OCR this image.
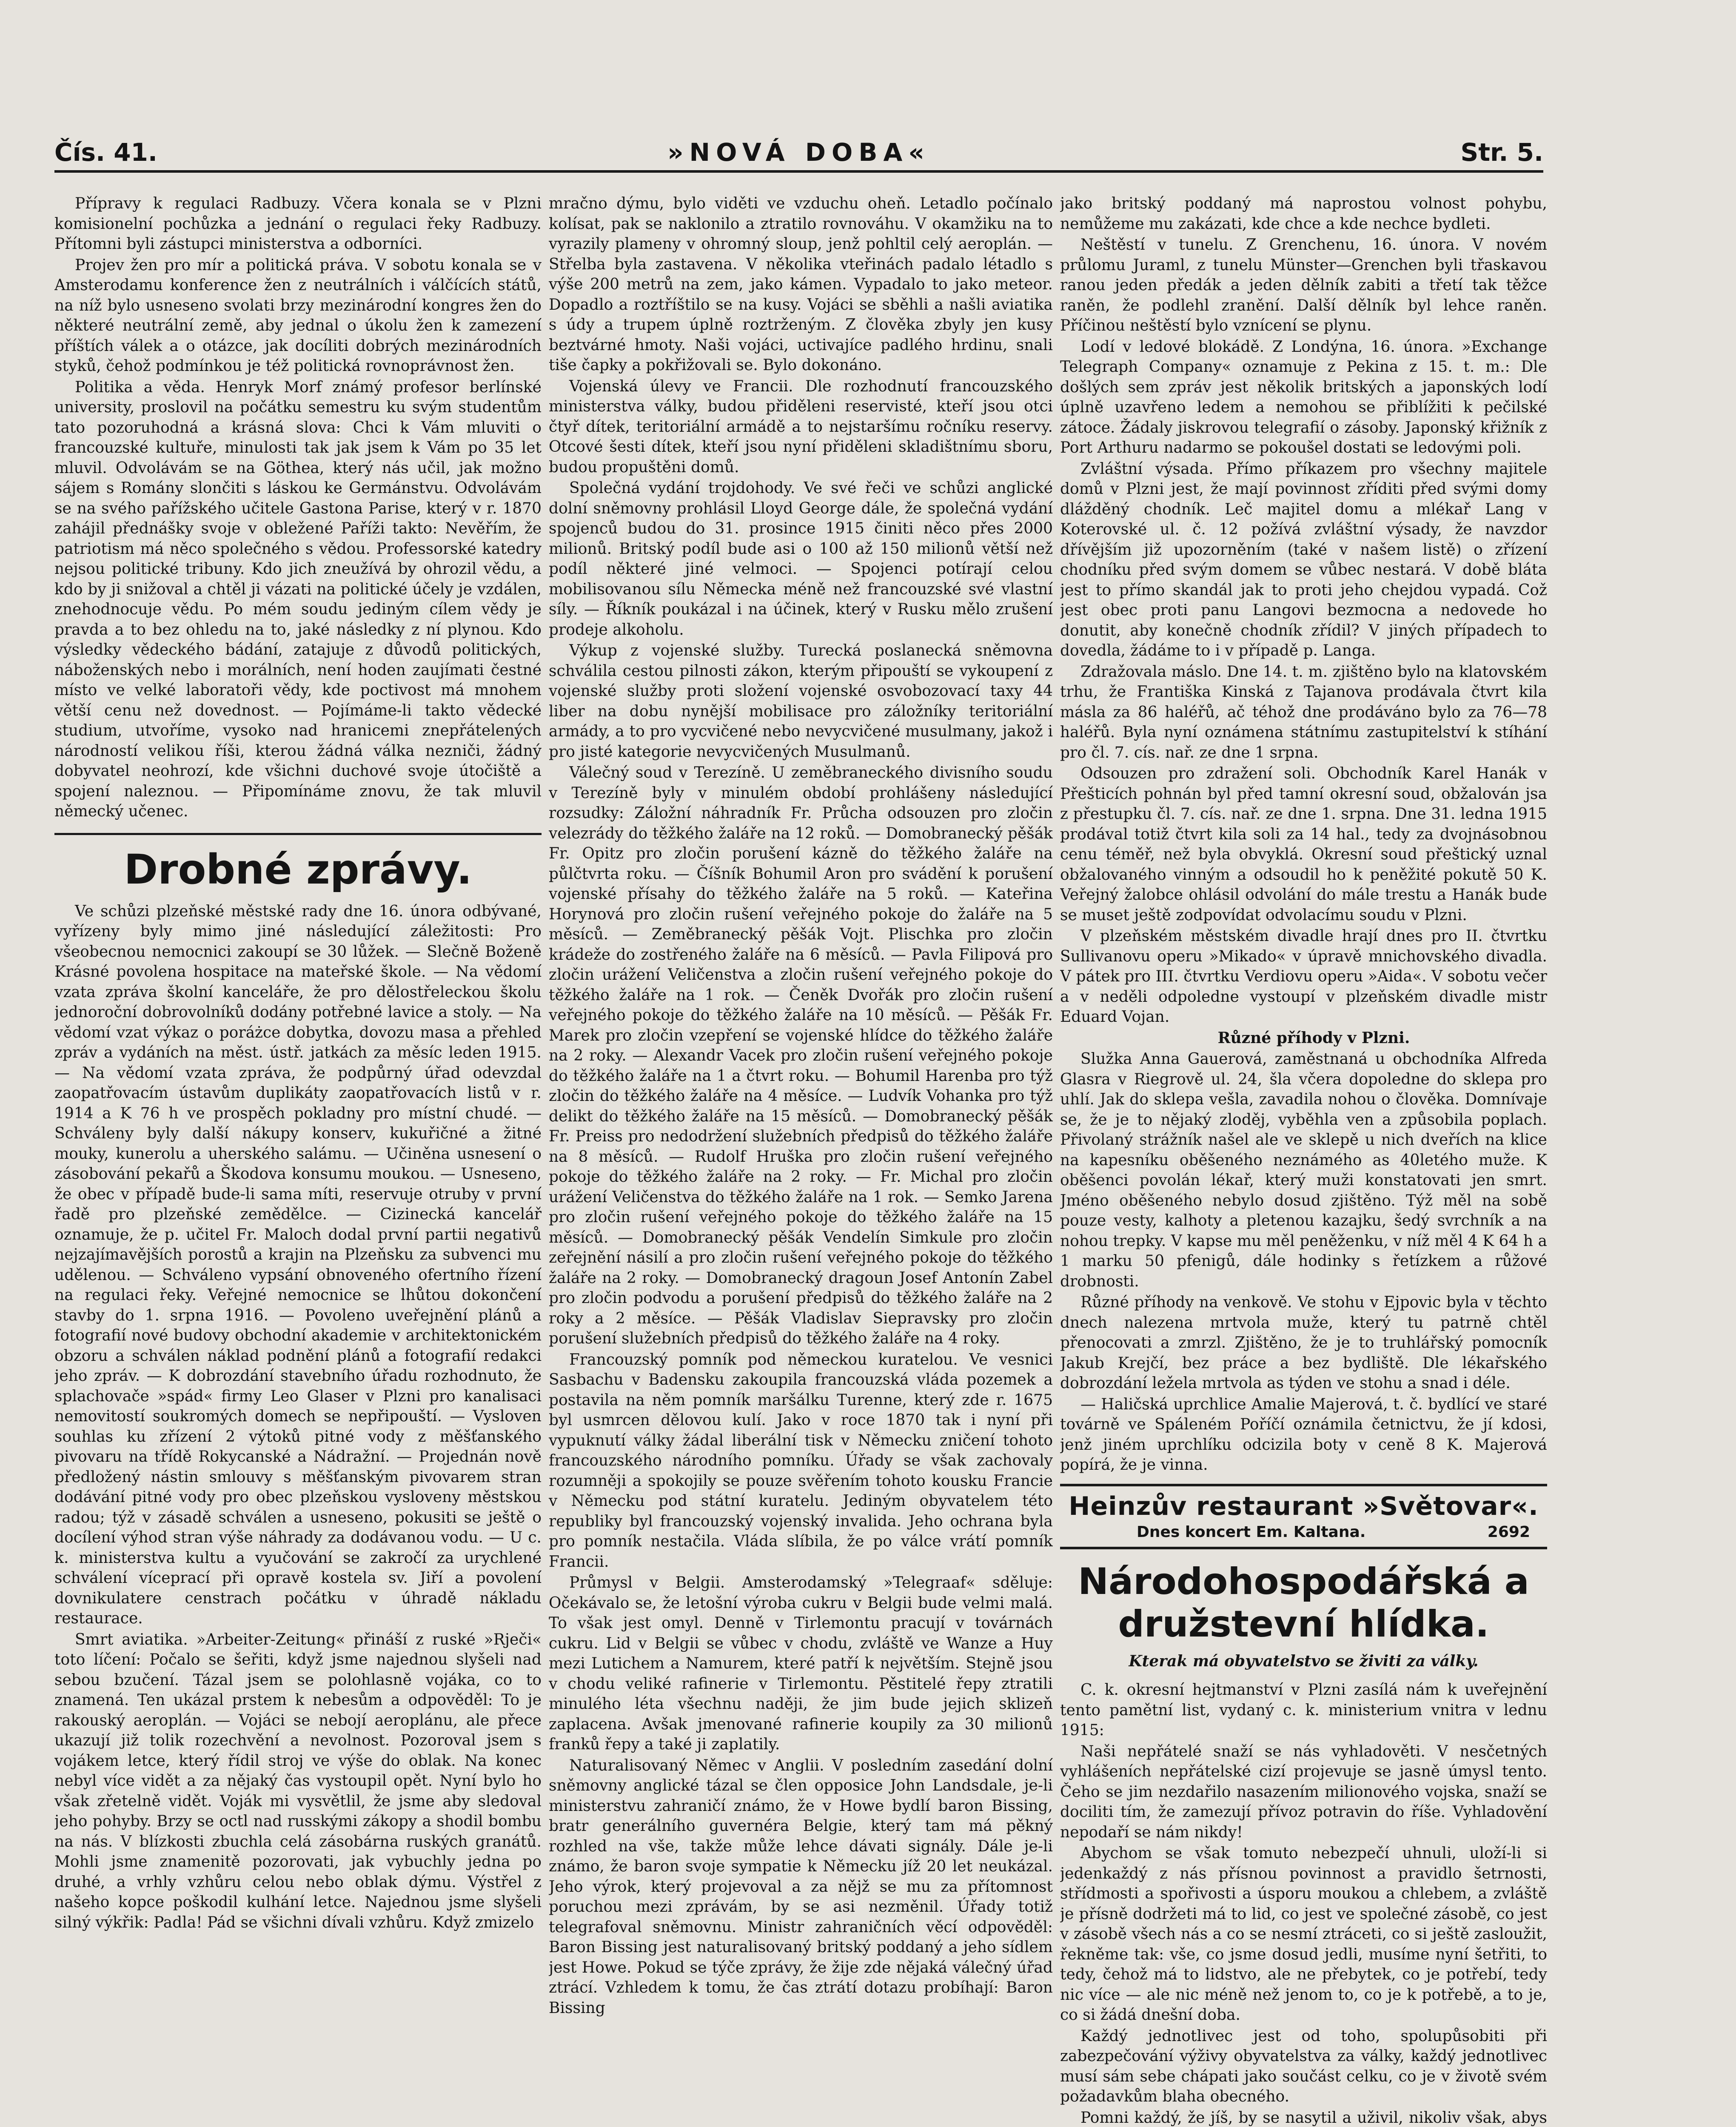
Čís. 41.	»NOVÁ DOBA«	Str. 5.

Přípravy k regulaci Radbuzy. Včera konala se v Plzni komisionelní pochůzka a jednání o regulaci řeky Radbuzy. Přítomni byli zástupci ministerstva a odborníci.

Projev žen pro mír a politická práva. V sobotu konala se v Amsterodamu konference žen z neutrálních i válčících států, na níž bylo usneseno svolati brzy mezinárodní kongres žen do některé neutrální země, aby jednal o úkolu žen k zamezení příštích válek a o otázce, jak docíliti dobrých mezinárodních styků, čehož podmínkou je též politická rovnoprávnost žen.

Politika a věda. Henryk Morf známý profesor berlínské university, proslovil na počátku semestru ku svým studentům tato pozoruhodná a krásná slova: Chci k Vám mluviti o francouzské kultuře, minulosti tak jak jsem k Vám po 35 let mluvil. Odvolávám se na Göthea, který nás učil, jak možno sájem s Romány slončiti s láskou ke Germánstvu. Odvolávám se na svého pařížského učitele Gastona Parise, který v r. 1870 zahájil přednášky svoje v obležené Paříži takto: Nevěřím, že patriotism má něco společného s vědou. Professorské katedry nejsou politické tribuny. Kdo jich zneužívá by ohrozil vědu, a kdo by ji snižoval a chtěl ji vázati na politické účely je vzdálen, znehodnocuje vědu. Po mém soudu jediným cílem vědy je pravda a to bez ohledu na to, jaké následky z ní plynou. Kdo výsledky vědeckého bádání, zatajuje z důvodů politických, náboženských nebo i morálních, není hoden zaujímati čestné místo ve velké laboratoři vědy, kde poctivost má mnohem větší cenu než dovednost. — Pojímáme-li takto vědecké studium, utvoříme, vysoko nad hranicemi znepřátelených národností velikou říši, kterou žádná válka nezniči, žádný dobyvatel neohrozí, kde všichni duchové svoje útočiště a spojení naleznou. — Připomínáme znovu, že tak mluvil německý učenec.

Drobné zprávy.

Ve schůzi plzeňské městské rady dne 16. února odbývané, vyřízeny byly mimo jiné následující záležitosti: Pro všeobecnou nemocnici zakoupí se 30 lůžek. — Slečně Boženě Krásné povolena hospitace na mateřské škole. — Na vědomí vzata zpráva školní kanceláře, že pro dělostřeleckou školu jednoroční dobrovolníků dodány potřebné lavice a stoly. — Na vědomí vzat výkaz o poráżce dobytka, dovozu masa a přehled zpráv a vydáních na měst. ústř. jatkách za měsíc leden 1915. — Na vědomí vzata zpráva, že podpůrný úřad odevzdal zaopatřovacím ústavům duplikáty zaopatřovacích listů v r. 1914 a K 76 h ve prospěch pokladny pro místní chudé. — Schváleny byly další nákupy konserv, kukuřičné a žitné mouky, kunerolu a uherského salámu. — Učiněna usnesení o zásobování pekařů a Škodova konsumu moukou. — Usneseno, že obec v případě bude-li sama míti, reservuje otruby v první řadě pro plzeňské zemědělce. — Cizinecká kancelář oznamuje, že p. učitel Fr. Maloch dodal první partii negativů nejzajímavějších porostů a krajin na Plzeňsku za subvenci mu udělenou. — Schváleno vypsání obnoveného ofertního řízení na regulaci řeky. Veřejné nemocnice se lhůtou dokončení stavby do 1. srpna 1916. — Povoleno uveřejnění plánů a fotografií nové budovy obchodní akademie v architektonickém obzoru a schválen náklad podnění plánů a fotografií redakci jeho zpráv. — K dobrozdání stavebního úřadu rozhodnuto, že splachovače »spád« firmy Leo Glaser v Plzni pro kanalisaci nemovitostí soukromých domech se nepřipouští. — Vysloven souhlas ku zřízení 2 výtoků pitné vody z měšťanského pivovaru na třídě Rokycanské a Nádražní. — Projednán nově předložený nástin smlouvy s měšťanským pivovarem stran dodávání pitné vody pro obec plzeňskou vysloveny městskou radou; týž v zásadě schválen a usneseno, pokusiti se ještě o docílení výhod stran výše náhrady za dodávanou vodu. — U c. k. ministerstva kultu a vyučování se zakročí za urychlené schválení víceprací při opravě kostela sv. Jiří a povolení dovnikulatere censtrach počátku v úhradě nákladu restaurace.

Smrt aviatika. »Arbeiter-Zeitung« přináší z ruské »Rječi« toto líčení: Počalo se šeřiti, když jsme najednou slyšeli nad sebou bzučení. Tázal jsem se polohlasně vojáka, co to znamená. Ten ukázal prstem k nebesům a odpověděl: To je rakouský aeroplán. — Vojáci se nebojí aeroplánu, ale přece ukazují již tolik rozechvění a nevolnost. Pozoroval jsem s vojákem letce, který řídil stroj ve výše do oblak. Na konec nebyl více vidět a za nějaký čas vystoupil opět. Nyní bylo ho však zřetelně vidět. Voják mi vysvětlil, že jsme aby sledoval jeho pohyby. Brzy se octl nad russkými zákopy a shodil bombu na nás. V blízkosti zbuchla celá zásobárna ruských granátů. Mohli jsme znamenitě pozorovati, jak vybuchly jedna po druhé, a vrhly vzhůru celou nebo oblak dýmu. Výstřel z našeho kopce poškodil kulhání letce. Najednou jsme slyšeli silný výkřik: Padla! Pád se všichni dívali vzhůru. Když zmizelo

mračno dýmu, bylo viděti ve vzduchu oheň. Letadlo počínalo kolísat, pak se naklonilo a ztratilo rovnováhu. V okamžiku na to vyrazily plameny v ohromný sloup, jenž pohltil celý aeroplán. — Střelba byla zastavena. V několika vteřinách padalo létadlo s výše 200 metrů na zem, jako kámen. Vypadalo to jako meteor. Dopadlo a roztříštilo se na kusy. Vojáci se sběhli a našli aviatika s údy a trupem úplně roztrženým. Z člověka zbyly jen kusy beztvárné hmoty. Naši vojáci, uctivajíce padlého hrdinu, snali tiše čapky a pokřižovali se. Bylo dokonáno.

Vojenská úlevy ve Francii. Dle rozhodnutí francouzského ministerstva války, budou přiděleni reservisté, kteří jsou otci čtyř dítek, teritoriální armádě a to nejstaršímu ročníku reservy. Otcové šesti dítek, kteří jsou nyní přiděleni skladištnímu sboru, budou propuštěni domů.

Společná vydání trojdohody. Ve své řeči ve schůzi anglické dolní sněmovny prohlásil Lloyd George dále, že společná vydání spojenců budou do 31. prosince 1915 činiti něco přes 2000 milionů. Britský podíl bude asi o 100 až 150 milionů větší než podíl některé jiné velmoci. — Spojenci potírají celou mobilisovanou sílu Německa méně než francouzské své vlastní síly. — Říkník poukázal i na účinek, který v Rusku mělo zrušení prodeje alkoholu.

Výkup z vojenské služby. Turecká poslanecká sněmovna schválila cestou pilnosti zákon, kterým připouští se vykoupení z vojenské služby proti složení vojenské osvobozovací taxy 44 liber na dobu nynější mobilisace pro záložníky teritoriální armády, a to pro vycvičené nebo nevycvičené musulmany, jakož i pro jisté kategorie nevycvičených Musulmanů.

Válečný soud v Terezíně. U zeměbraneckého divisního soudu v Terezíně byly v minulém období prohlášeny následující rozsudky: Záložní náhradník Fr. Průcha odsouzen pro zločin velezrády do těžkého žaláře na 12 roků. — Domobranecký pěšák Fr. Opitz pro zločin porušení kázně do těžkého žaláře na půlčtvrta roku. — Číšník Bohumil Aron pro svádění k porušení vojenské přísahy do těžkého žaláře na 5 roků. — Kateřina Horynová pro zločin rušení veřejného pokoje do žaláře na 5 měsíců. — Zeměbranecký pěšák Vojt. Plischka pro zločin krádeže do zostřeného žaláře na 6 měsíců. — Pavla Filipová pro zločin urážení Veličenstva a zločin rušení veřejného pokoje do těžkého žaláře na 1 rok. — Čeněk Dvořák pro zločin rušení veřejného pokoje do těžkého žaláře na 10 měsíců. — Pěšák Fr. Marek pro zločin vzepření se vojenské hlídce do těžkého žaláře na 2 roky. — Alexandr Vacek pro zločin rušení veřejného pokoje do těžkého žaláře na 1 a čtvrt roku. — Bohumil Harenba pro týž zločin do těžkého žaláře na 4 měsíce. — Ludvík Vohanka pro týž delikt do těžkého žaláře na 15 měsíců. — Domobranecký pěšák Fr. Preiss pro nedodržení služebních předpisů do těžkého žaláře na 8 měsíců. — Rudolf Hruška pro zločin rušení veřejného pokoje do těžkého žaláře na 2 roky. — Fr. Michal pro zločin urážení Veličenstva do těžkého žaláře na 1 rok. — Semko Jarena pro zločin rušení veřejného pokoje do těžkého žaláře na 15 měsíců. — Domobranecký pěšák Vendelín Simkule pro zločin zeřejnění násilí a pro zločin rušení veřejného pokoje do těžkého žaláře na 2 roky. — Domobranecký dragoun Josef Antonín Zabel pro zločin podvodu a porušení předpisů do těžkého žaláře na 2 roky a 2 měsíce. — Pěšák Vladislav Siepravsky pro zločin porušení služebních předpisů do těžkého žaláře na 4 roky.

Francouzský pomník pod německou kuratelou. Ve vesnici Sasbachu v Badensku zakoupila francouzská vláda pozemek a postavila na něm pomník maršálku Turenne, který zde r. 1675 byl usmrcen dělovou kulí. Jako v roce 1870 tak i nyní při vypuknutí války žádal liberální tisk v Německu zničení tohoto francouzského národního pomníku. Úřady se však zachovaly rozumněji a spokojily se pouze svěřením tohoto kousku Francie v Německu pod státní kuratelu. Jediným obyvatelem této republiky byl francouzský vojenský invalida. Jeho ochrana byla pro pomník nestačila. Vláda slíbila, že po válce vrátí pomník Francii.

Průmysl v Belgii. Amsterodamský »Telegraaf« sděluje: Očekávalo se, že letošní výroba cukru v Belgii bude velmi malá. To však jest omyl. Denně v Tirlemontu pracují v továrnách cukru. Lid v Belgii se vůbec v chodu, zvláště ve Wanze a Huy mezi Lutichem a Namurem, které patří k největším. Stejně jsou v chodu veliké rafinerie v Tirlemontu. Pěstitelé řepy ztratili minulého léta všechnu naději, že jim bude jejich sklizeň zaplacena. Avšak jmenované rafinerie koupily za 30 milionů franků řepy a také ji zaplatily.

Naturalisovaný Němec v Anglii. V posledním zasedání dolní sněmovny anglické tázal se člen opposice John Landsdale, je-li ministerstvu zahraničí známo, že v Howe bydlí baron Bissing, bratr generálního guvernéra Belgie, který tam má pěkný rozhled na vše, takže může lehce dávati signály. Dále je-li známo, že baron svoje sympatie k Německu jíž 20 let neukázal. Jeho výrok, který projevoval a za nějž se mu za přítomnost poruchou mezi zprávám, by se asi nezměnil. Úřady totiž telegrafoval sněmovnu. Ministr zahraničních věcí odpověděl: Baron Bissing jest naturalisovaný britský poddaný a jeho sídlem jest Howe. Pokud se týče zprávy, že žije zde nějaká válečný úřad ztrácí. Vzhledem k tomu, že čas ztrátí dotazu probíhají: Baron Bissing

jako britský poddaný má naprostou volnost pohybu, nemůžeme mu zakázati, kde chce a kde nechce bydleti.

Neštěstí v tunelu. Z Grenchenu, 16. února. V novém průlomu Juraml, z tunelu Münster—Grenchen byli třaskavou ranou jeden předák a jeden dělník zabiti a třetí tak těžce raněn, že podlehl zranění. Další dělník byl lehce raněn. Příčinou neštěstí bylo vznícení se plynu.

Lodí v ledové blokádě. Z Londýna, 16. února. »Exchange Telegraph Company« oznamuje z Pekina z 15. t. m.: Dle došlých sem zpráv jest několik britských a japonských lodí úplně uzavřeno ledem a nemohou se přiblížiti k pečilské zátoce. Žádaly jiskrovou telegrafií o zásoby. Japonský křižník z Port Arthuru nadarmo se pokoušel dostati se ledovými poli.

Zvláštní výsada. Přímo příkazem pro všechny majitele domů v Plzni jest, že mají povinnost zříditi před svými domy dlážděný chodník. Leč majitel domu a mlékař Lang v Koterovské ul. č. 12 požívá zvláštní výsady, že navzdor dřívějším již upozorněním (také v našem listě) o zřízení chodníku před svým domem se vůbec nestará. V době bláta jest to přímo skandál jak to proti jeho chejdou vypadá. Což jest obec proti panu Langovi bezmocna a nedovede ho donutit, aby konečně chodník zřídil? V jiných případech to dovedla, žádáme to i v případě p. Langa.

Zdražovala máslo. Dne 14. t. m. zjištěno bylo na klatovském trhu, že Františka Kinská z Tajanova prodávala čtvrt kila másla za 86 haléřů, ač téhož dne prodáváno bylo za 76—78 haléřů. Byla nyní oznámena státnímu zastupitelství k stíhání pro čl. 7. cís. nař. ze dne 1 srpna.

Odsouzen pro zdražení soli. Obchodník Karel Hanák v Přešticích pohnán byl před tamní okresní soud, obžalován jsa z přestupku čl. 7. cís. nař. ze dne 1. srpna. Dne 31. ledna 1915 prodával totiž čtvrt kila soli za 14 hal., tedy za dvojnásobnou cenu téměř, než byla obvyklá. Okresní soud přeštický uznal obžalovaného vinným a odsoudil ho k peněžité pokutě 50 K. Veřejný žalobce ohlásil odvolání do mále trestu a Hanák bude se muset ještě zodpovídat odvolacímu soudu v Plzni.

V plzeňském městském divadle hrají dnes pro II. čtvrtku Sullivanovu operu »Mikado« v úpravě mnichovského divadla. V pátek pro III. čtvrtku Verdiovu operu »Aida«. V sobotu večer a v neděli odpoledne vystoupí v plzeňském divadle mistr Eduard Vojan.

Různé příhody v Plzni.

Služka Anna Gauerová, zaměstnaná u obchodníka Alfreda Glasra v Riegrově ul. 24, šla včera dopoledne do sklepa pro uhlí. Jak do sklepa vešla, zavadila nohou o člověka. Domnívaje se, že je to nějaký zloděj, vyběhla ven a způsobila poplach. Přivolaný strážník našel ale ve sklepě u nich dveřích na klice na kapesníku oběšeného neznámého as 40letého muže. K oběšenci povolán lékař, který muži konstatovati jen smrt. Jméno oběšeného nebylo dosud zjištěno. Týž měl na sobě pouze vesty, kalhoty a pletenou kazajku, šedý svrchník a na nohou trepky. V kapse mu měl peněženku, v níž měl 4 K 64 h a 1 marku 50 pfenigů, dále hodinky s řetízkem a růžové drobnosti.

Různé příhody na venkově. Ve stohu v Ejpovic byla v těchto dnech nalezena mrtvola muže, který tu patrně chtěl přenocovati a zmrzl. Zjištěno, že je to truhlářský pomocník Jakub Krejčí, bez práce a bez bydliště. Dle lékařského dobrozdání ležela mrtvola as týden ve stohu a snad i déle.

— Haličská uprchlice Amalie Majerová, t. č. bydlící ve staré továrně ve Spáleném Poříčí oznámila četnictvu, že jí kdosi, jenž jiném uprchlíku odcizila boty v ceně 8 K. Majerová popírá, že je vinna.

Heinzův restaurant »Světovar«.
Dnes koncert Em. Kaltana.	2692
Národohospodářská a družstevní hlídka.
Kterak má obyvatelstvo se živiti za války.

C. k. okresní hejtmanství v Plzni zasílá nám k uveřejnění tento pamětní list, vydaný c. k. ministerium vnitra v lednu 1915:

Naši nepřátelé snaží se nás vyhladověti. V nesčetných vyhlášeních nepřátelské cizí projevuje se jasně úmysl tento. Čeho se jim nezdařilo nasazením milionového vojska, snaží se dociliti tím, že zamezují přívoz potravin do říše. Vyhladovění nepodaří se nám nikdy!

Abychom se však tomuto nebezpečí uhnuli, uloží-li si jedenkaždý z nás přísnou povinnost a pravidlo šetrnosti, střídmosti a spořivosti a úsporu moukou a chlebem, a zvláště je přísně dodržeti má to lid, co jest ve společné zásobě, co jest v zásobě všech nás a co se nesmí ztráceti, co si ještě zasloužit, řekněme tak: vše, co jsme dosud jedli, musíme nyní šetřiti, to tedy, čehož má to lidstvo, ale ne přebytek, co je potřebí, tedy nic více — ale nic méně než jenom to, co je k potřebě, a to je, co si žádá dnešní doba.

Každý jednotlivec jest od toho, spolupůsobiti při zabezpečování výživy obyvatelstva za války, každý jednotlivec musí sám sebe chápati jako součást celku, co je v životě svém požadavkům blaha obecného.

Pomni každý, že jíš, by se nasytil a uživil, nikoliv však, abys
